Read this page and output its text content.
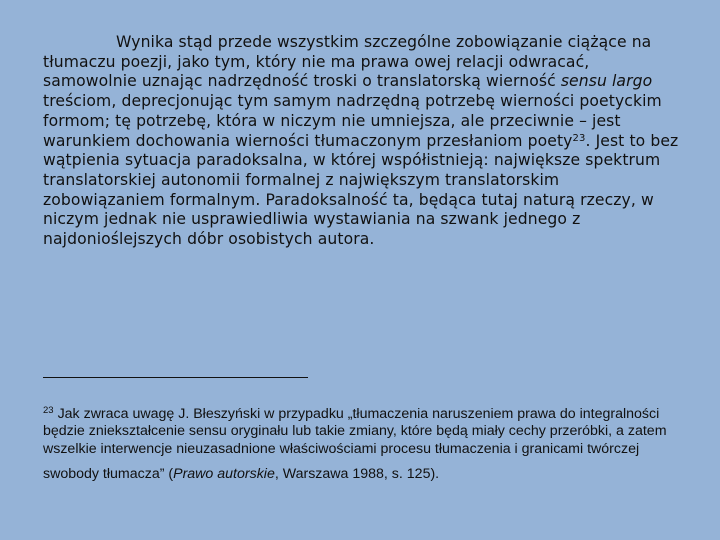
Wynika stąd przede wszystkim szczególne zobowiązanie ciążące na tłumaczu poezji, jako tym, który nie ma prawa owej relacji odwracać, samowolnie uznając nadrzędność troski o translatorską wierność sensu largo treściom, deprecjonując tym samym nadrzędną potrzebę wierności poetyckim formom; tę potrzebę, która w niczym nie umniejsza, ale przeciwnie – jest warunkiem dochowania wierności tłumaczonym przesłaniom poety$^{23}$. Jest to bez wątpienia sytuacja paradoksalna, w której współistnieją: największe spektrum translatorskiej autonomii formalnej z największym translatorskim zobowiązaniem formalnym. Paradoksalność ta, będąca tutaj naturą rzeczy, w niczym jednak nie usprawiedliwia wystawiania na szwank jednego z najdonioślejszych dóbr osobistych autora.

$^{23}$ Jak zwraca uwagę J. Błeszyński w przypadku „tłumaczenia naruszeniem prawa do integralności będzie zniekształcenie sensu oryginału lub takie zmiany, które będą miały cechy przeróbki, a zatem wszelkie interwencje nieuzasadnione właściwościami procesu tłumaczenia i granicami twórczej
swobody tłumacza” (Prawo autorskie, Warszawa 1988, s. 125).
